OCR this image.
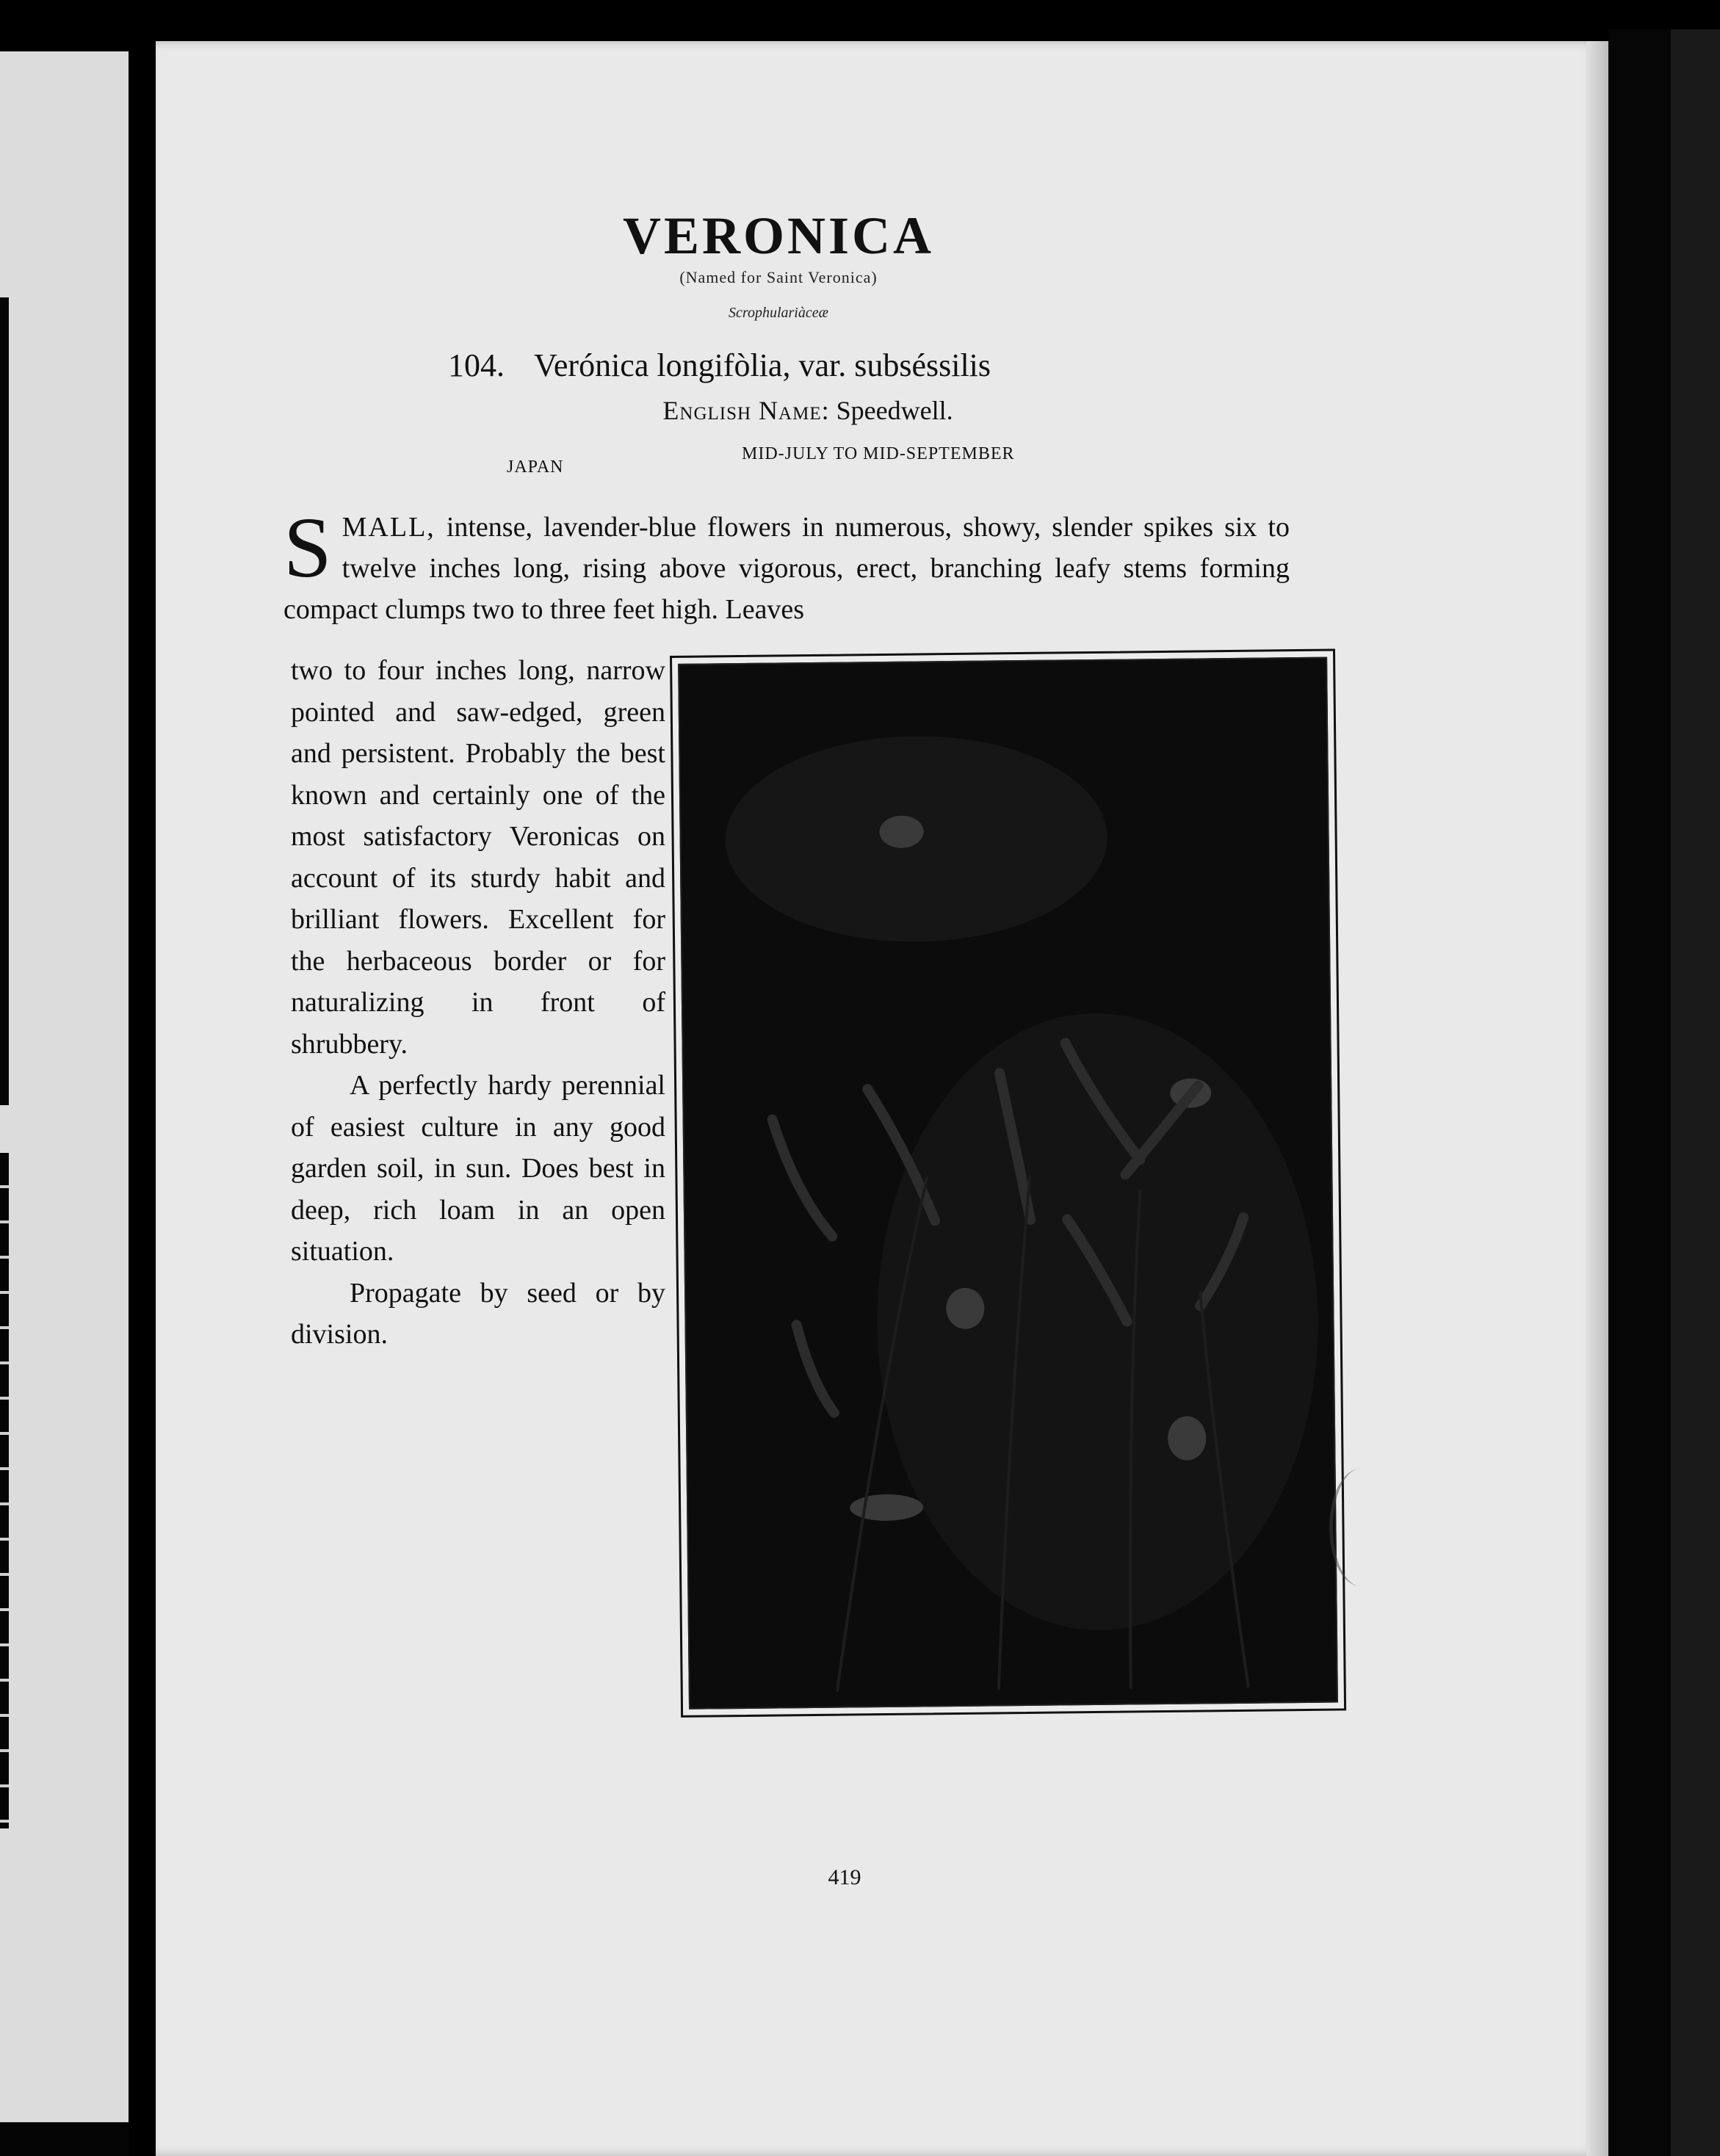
VERONICA
(Named for Saint Veronica)
Scrophulariàceæ
104. Verónica longifòlia, var. subséssilis
English Name: Speedwell.
JAPAN
MID-JULY TO MID-SEPTEMBER
SMALL, intense, lavender-blue flowers in numerous, showy, slender spikes six to twelve inches long, rising above vigorous, erect, branching leafy stems forming compact clumps two to three feet high. Leaves

two to four inches long, narrow pointed and saw-edged, green and persistent. Probably the best known and certainly one of the most satisfactory Veronicas on account of its sturdy habit and brilliant flowers. Excellent for the herbaceous border or for naturalizing in front of shrubbery.

A perfectly hardy perennial of easiest culture in any good garden soil, in sun. Does best in deep, rich loam in an open situation.

Propagate by seed or by division.

419
